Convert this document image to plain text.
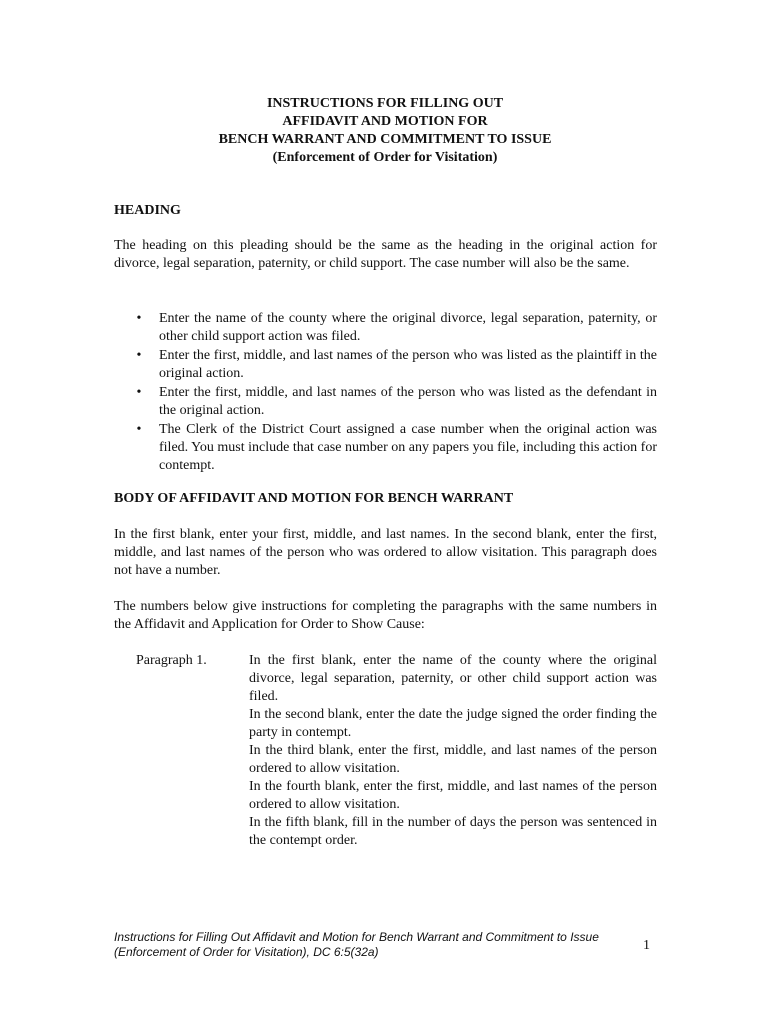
INSTRUCTIONS FOR FILLING OUT
AFFIDAVIT AND MOTION FOR
BENCH WARRANT AND COMMITMENT TO ISSUE
(Enforcement of Order for Visitation)
HEADING
The heading on this pleading should be the same as the heading in the original action for divorce, legal separation, paternity, or child support. The case number will also be the same.
• Enter the name of the county where the original divorce, legal separation, paternity, or other child support action was filed.
• Enter the first, middle, and last names of the person who was listed as the plaintiff in the original action.
• Enter the first, middle, and last names of the person who was listed as the defendant in the original action.
• The Clerk of the District Court assigned a case number when the original action was filed. You must include that case number on any papers you file, including this action for contempt.
BODY OF AFFIDAVIT AND MOTION FOR BENCH WARRANT
In the first blank, enter your first, middle, and last names. In the second blank, enter the first, middle, and last names of the person who was ordered to allow visitation. This paragraph does not have a number.
The numbers below give instructions for completing the paragraphs with the same numbers in the Affidavit and Application for Order to Show Cause:
Paragraph 1.	In the first blank, enter the name of the county where the original divorce, legal separation, paternity, or other child support action was filed.
In the second blank, enter the date the judge signed the order finding the party in contempt.
In the third blank, enter the first, middle, and last names of the person ordered to allow visitation.
In the fourth blank, enter the first, middle, and last names of the person ordered to allow visitation.
In the fifth blank, fill in the number of days the person was sentenced in the contempt order.
Instructions for Filling Out Affidavit and Motion for Bench Warrant and Commitment to Issue
(Enforcement of Order for Visitation), DC 6:5(32a)	1
